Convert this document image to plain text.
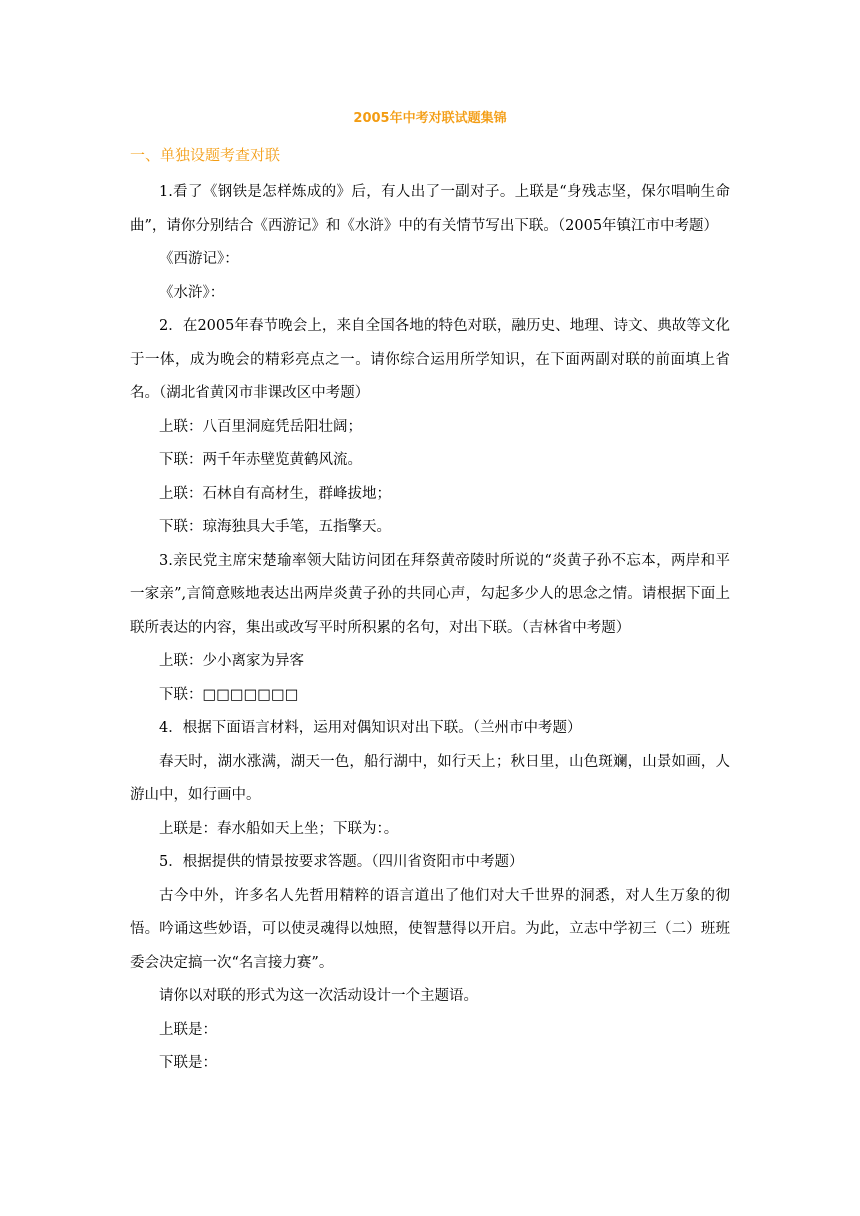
2005年中考对联试题集锦
一、单独设题考查对联

1.看了《钢铁是怎样炼成的》后，有人出了一副对子。上联是“身残志坚，保尔唱响生命曲”，请你分别结合《西游记》和《水浒》中的有关情节写出下联。（2005年镇江市中考题）

《西游记》：

《水浒》：

2．在2005年春节晚会上，来自全国各地的特色对联，融历史、地理、诗文、典故等文化于一体，成为晚会的精彩亮点之一。请你综合运用所学知识，在下面两副对联的前面填上省名。（湖北省黄冈市非课改区中考题）

上联：八百里洞庭凭岳阳壮阔；

下联：两千年赤壁览黄鹤风流。

上联：石林自有高材生，群峰拔地；

下联：琼海独具大手笔，五指擎天。

3.亲民党主席宋楚瑜率领大陆访问团在拜祭黄帝陵时所说的“炎黄子孙不忘本，两岸和平一家亲”,言简意赅地表达出两岸炎黄子孙的共同心声，勾起多少人的思念之情。请根据下面上联所表达的内容，集出或改写平时所积累的名句，对出下联。（吉林省中考题）

上联：少小离家为异客

下联：□□□□□□□

4．根据下面语言材料，运用对偶知识对出下联。（兰州市中考题）

春天时，湖水涨满，湖天一色，船行湖中，如行天上；秋日里，山色斑斓，山景如画，人游山中，如行画中。

上联是：春水船如天上坐；下联为：。

5．根据提供的情景按要求答题。（四川省资阳市中考题）

古今中外，许多名人先哲用精粹的语言道出了他们对大千世界的洞悉，对人生万象的彻悟。吟诵这些妙语，可以使灵魂得以烛照，使智慧得以开启。为此，立志中学初三（二）班班委会决定搞一次“名言接力赛”。

请你以对联的形式为这一次活动设计一个主题语。

上联是：

下联是：
